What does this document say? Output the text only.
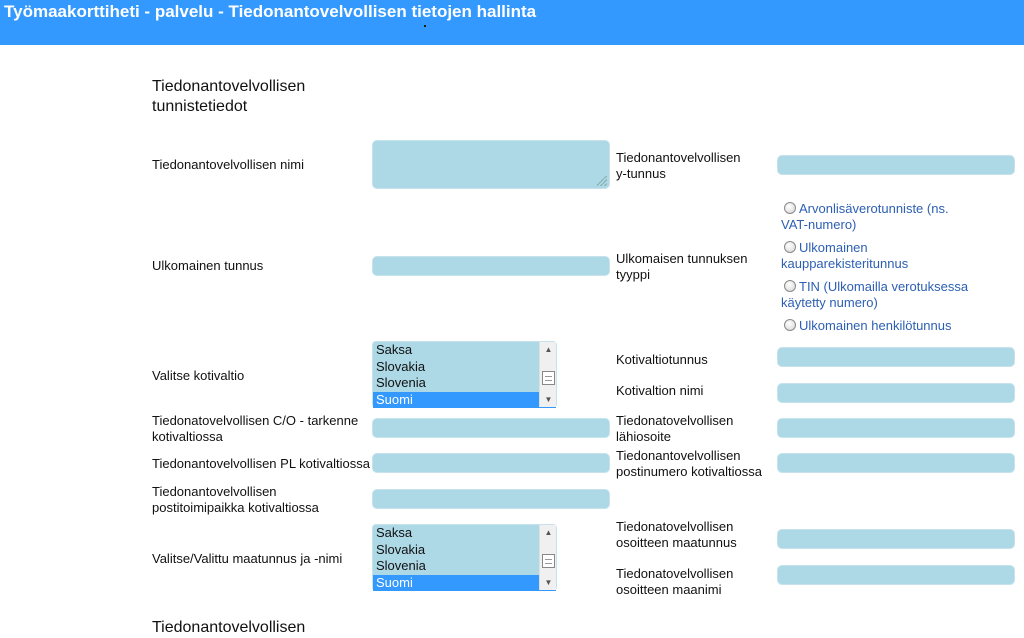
Työmaakorttiheti - palvelu - Tiedonantovelvollisen tietojen hallinta
Tiedonantovelvollisen
tunnistetiedot
Tiedonantovelvollisen nimi	Tiedonantovelvollisen
y-tunnus
Ulkomainen tunnus	Ulkomaisen tunnuksen
tyyppi
Arvonlisäverotunniste (ns.
VAT-numero)
Ulkomainen
kaupparekisteritunnus
TIN (Ulkomailla verotuksessa
käytetty numero)
Ulkomainen henkilötunnus
Valitse kotivaltio
Saksa
Slovakia
Slovenia
Suomi
▲
▼
Kotivaltiotunnus
Kotivaltion nimi
Tiedonatovelvollisen C/O - tarkenne
kotivaltiossa
Tiedonatovelvollisen
lähiosoite
Tiedonantovelvollisen PL kotivaltiossa
Tiedonantovelvollisen
postinumero kotivaltiossa
Tiedonantovelvollisen
postitoimipaikka kotivaltiossa
Valitse/Valittu maatunnus ja -nimi
Saksa
Slovakia
Slovenia
Suomi
▲
▼
Tiedonatovelvollisen
osoitteen maatunnus
Tiedonatovelvollisen
osoitteen maanimi
Tiedonantovelvollisen
